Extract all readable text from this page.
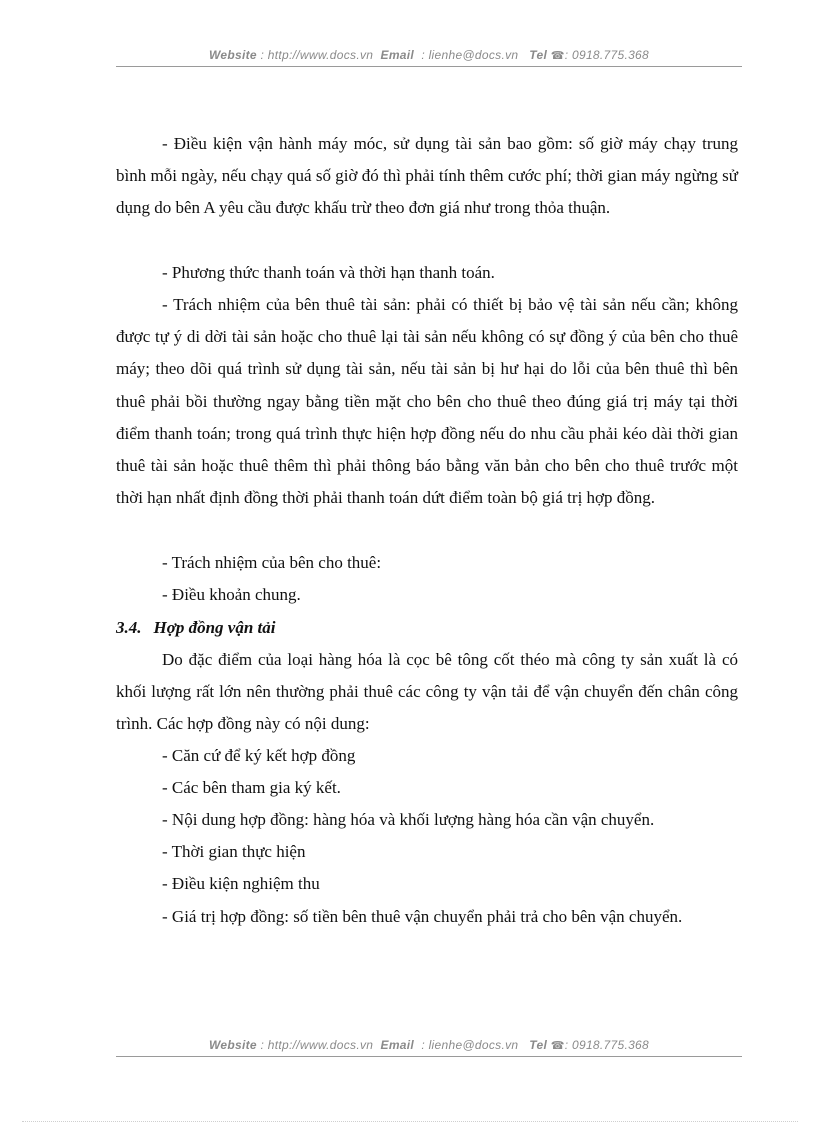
Website : http://www.docs.vn Email : lienhe@docs.vn Tel ☎: 0918.775.368

- Điều kiện vận hành máy móc, sử dụng tài sản bao gồm: số giờ máy chạy trung bình mỗi ngày, nếu chạy quá số giờ đó thì phải tính thêm cước phí; thời gian máy ngừng sử dụng do bên A yêu cầu được khấu trừ theo đơn giá như trong thỏa thuận.

- Phương thức thanh toán và thời hạn thanh toán.

- Trách nhiệm của bên thuê tài sản: phải có thiết bị bảo vệ tài sản nếu cần; không được tự ý di dời tài sản hoặc cho thuê lại tài sản nếu không có sự đồng ý của bên cho thuê máy; theo dõi quá trình sử dụng tài sản, nếu tài sản bị hư hại do lỗi của bên thuê thì bên thuê phải bồi thường ngay bằng tiền mặt cho bên cho thuê theo đúng giá trị máy tại thời điểm thanh toán; trong quá trình thực hiện hợp đồng nếu do nhu cầu phải kéo dài thời gian thuê tài sản hoặc thuê thêm thì phải thông báo bằng văn bản cho bên cho thuê trước một thời hạn nhất định đồng thời phải thanh toán dứt điểm toàn bộ giá trị hợp đồng.

- Trách nhiệm của bên cho thuê:

- Điều khoản chung.

3.4. Hợp đồng vận tải

Do đặc điểm của loại hàng hóa là cọc bê tông cốt théo mà công ty sản xuất là có khối lượng rất lớn nên thường phải thuê các công ty vận tải để vận chuyển đến chân công trình. Các hợp đồng này có nội dung:

- Căn cứ để ký kết hợp đồng

- Các bên tham gia ký kết.

- Nội dung hợp đồng: hàng hóa và khối lượng hàng hóa cần vận chuyển.

- Thời gian thực hiện

- Điều kiện nghiệm thu

- Giá trị hợp đồng: số tiền bên thuê vận chuyển phải trả cho bên vận chuyển.

Website : http://www.docs.vn Email : lienhe@docs.vn Tel ☎: 0918.775.368
